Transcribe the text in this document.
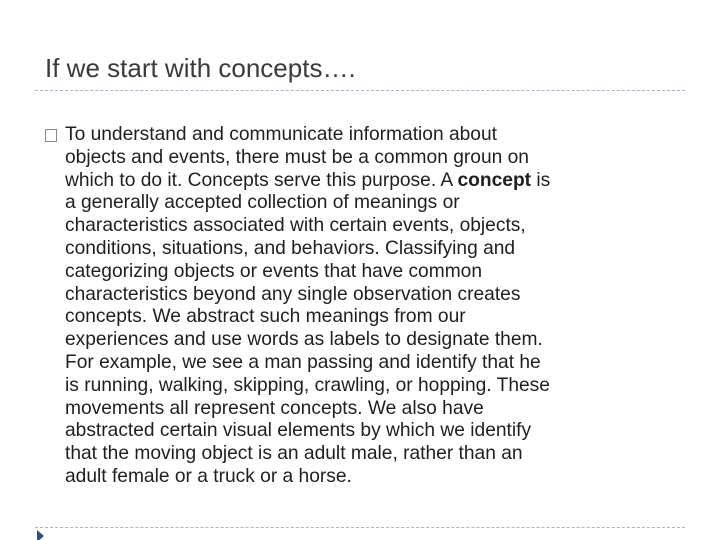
If we start with concepts….
To understand and communicate information about
objects and events, there must be a common groun on
which to do it. Concepts serve this purpose. A concept is
a generally accepted collection of meanings or
characteristics associated with certain events, objects,
conditions, situations, and behaviors. Classifying and
categorizing objects or events that have common
characteristics beyond any single observation creates
concepts. We abstract such meanings from our
experiences and use words as labels to designate them.
For example, we see a man passing and identify that he
is running, walking, skipping, crawling, or hopping. These
movements all represent concepts. We also have
abstracted certain visual elements by which we identify
that the moving object is an adult male, rather than an
adult female or a truck or a horse.
